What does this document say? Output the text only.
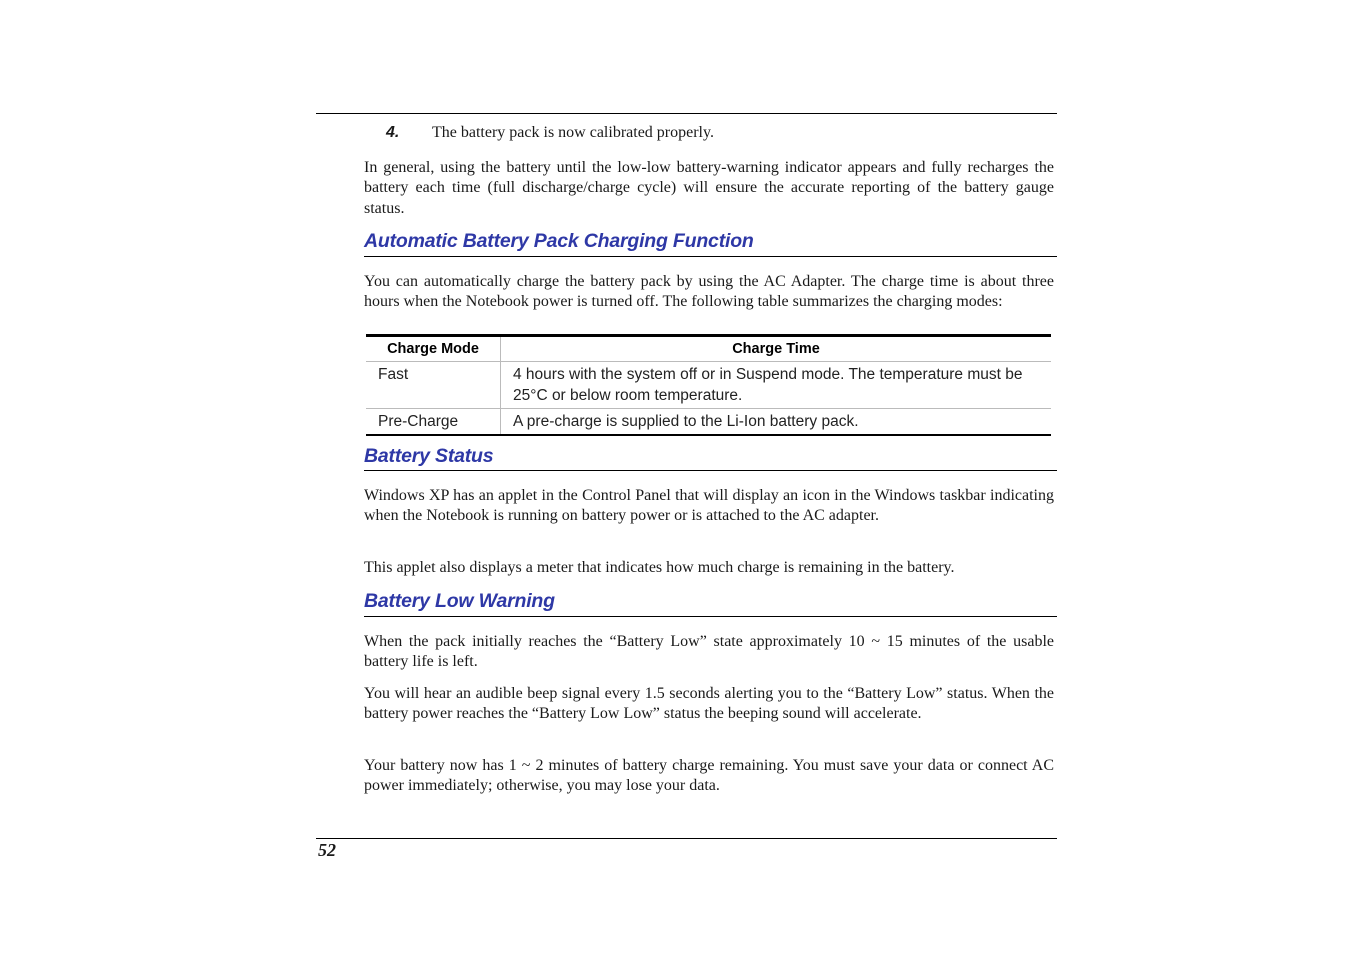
4. The battery pack is now calibrated properly.

In general, using the battery until the low-low battery-warning indicator appears and fully recharges the battery each time (full discharge/charge cycle) will ensure the accurate reporting of the battery gauge status.

Automatic Battery Pack Charging Function

You can automatically charge the battery pack by using the AC Adapter. The charge time is about three hours when the Notebook power is turned off. The following table summarizes the charging modes:

Charge Mode	Charge Time
Fast	4 hours with the system off or in Suspend mode. The temperature must be 25°C or below room temperature.
Pre-Charge	A pre-charge is supplied to the Li-Ion battery pack.
Battery Status

Windows XP has an applet in the Control Panel that will display an icon in the Windows taskbar indicating when the Notebook is running on battery power or is attached to the AC adapter.

This applet also displays a meter that indicates how much charge is remaining in the battery.

Battery Low Warning

When the pack initially reaches the “Battery Low” state approximately 10 ~ 15 minutes of the usable battery life is left.

You will hear an audible beep signal every 1.5 seconds alerting you to the “Battery Low” status. When the battery power reaches the “Battery Low Low” status the beeping sound will accelerate.

Your battery now has 1 ~ 2 minutes of battery charge remaining. You must save your data or connect AC power immediately; otherwise, you may lose your data.

52
